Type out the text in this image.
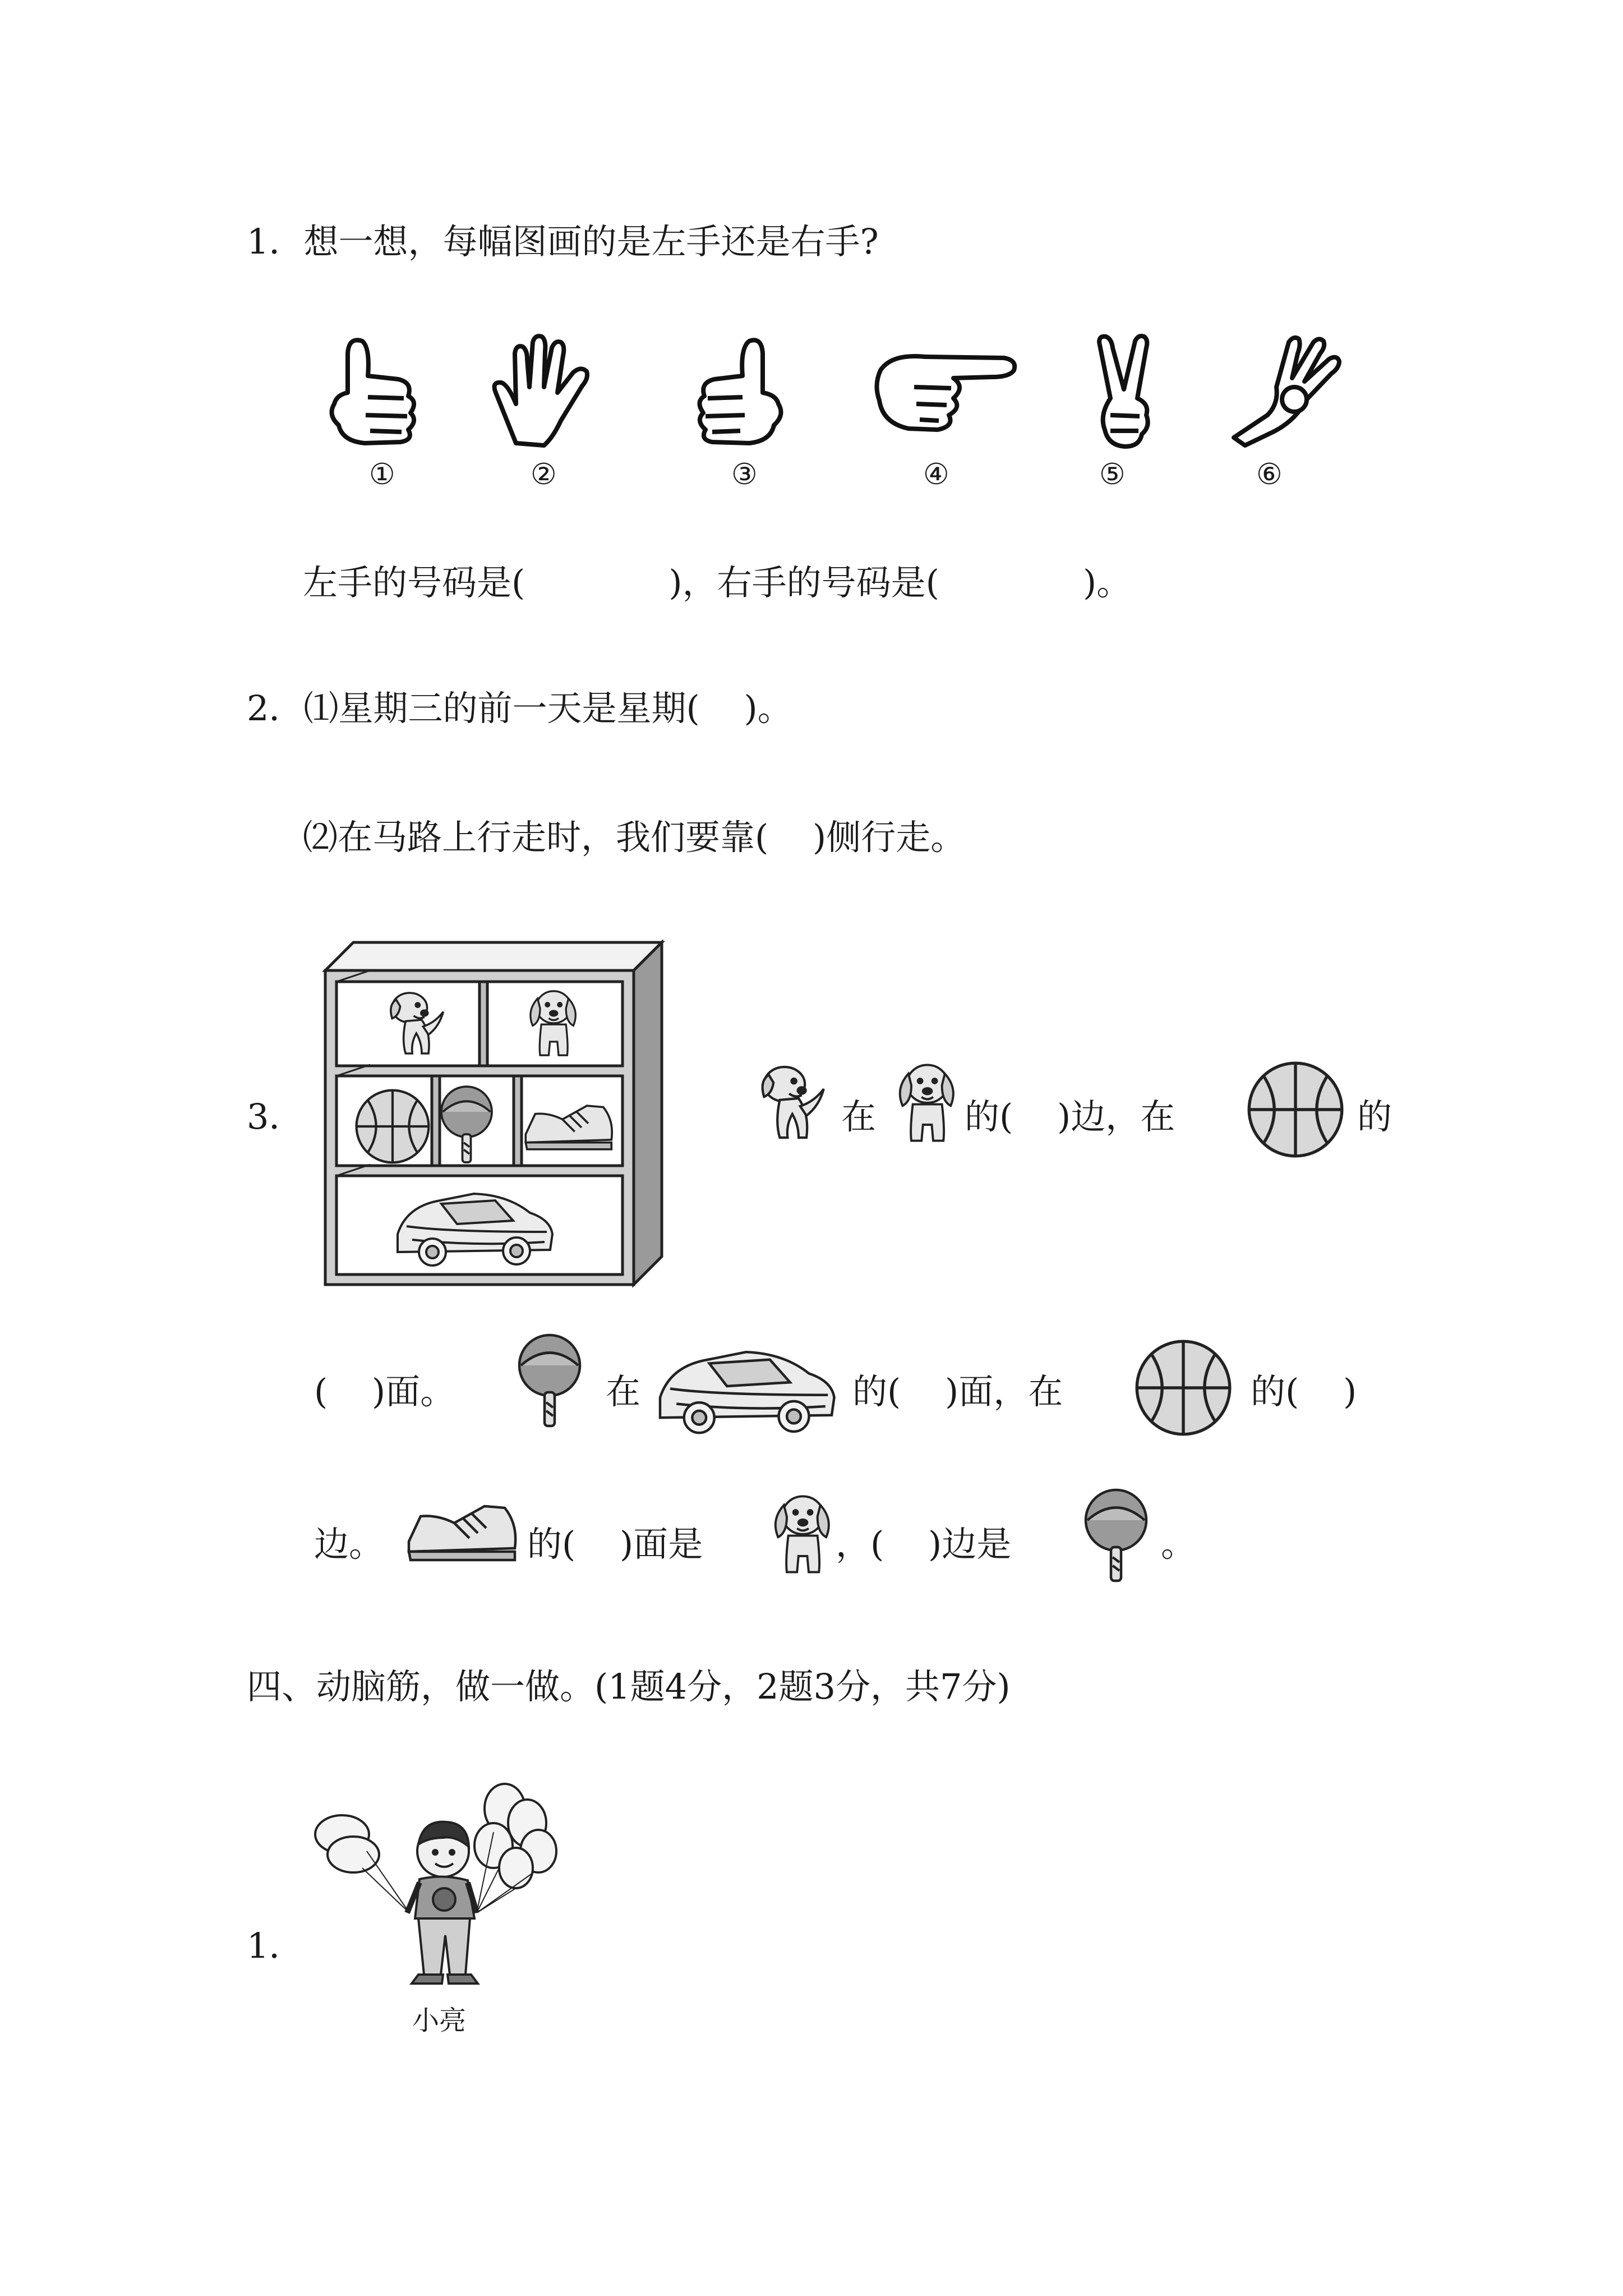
1．想一想，每幅图画的是左手还是右手?
①	②	③	④	⑤	⑥
左手的号码是(             )，右手的号码是(             )。
2．⑴星期三的前一天是星期(    )。
⑵在马路上行走时，我们要靠(    )侧行走。
3．	在	的(    )边，在	的
(    )面。	在	的(    )面，在	的(    )
边。	的(    )面是	，(    )边是	。
四、动脑筋，做一做。(1题4分，2题3分，共7分)
1．
小亮
